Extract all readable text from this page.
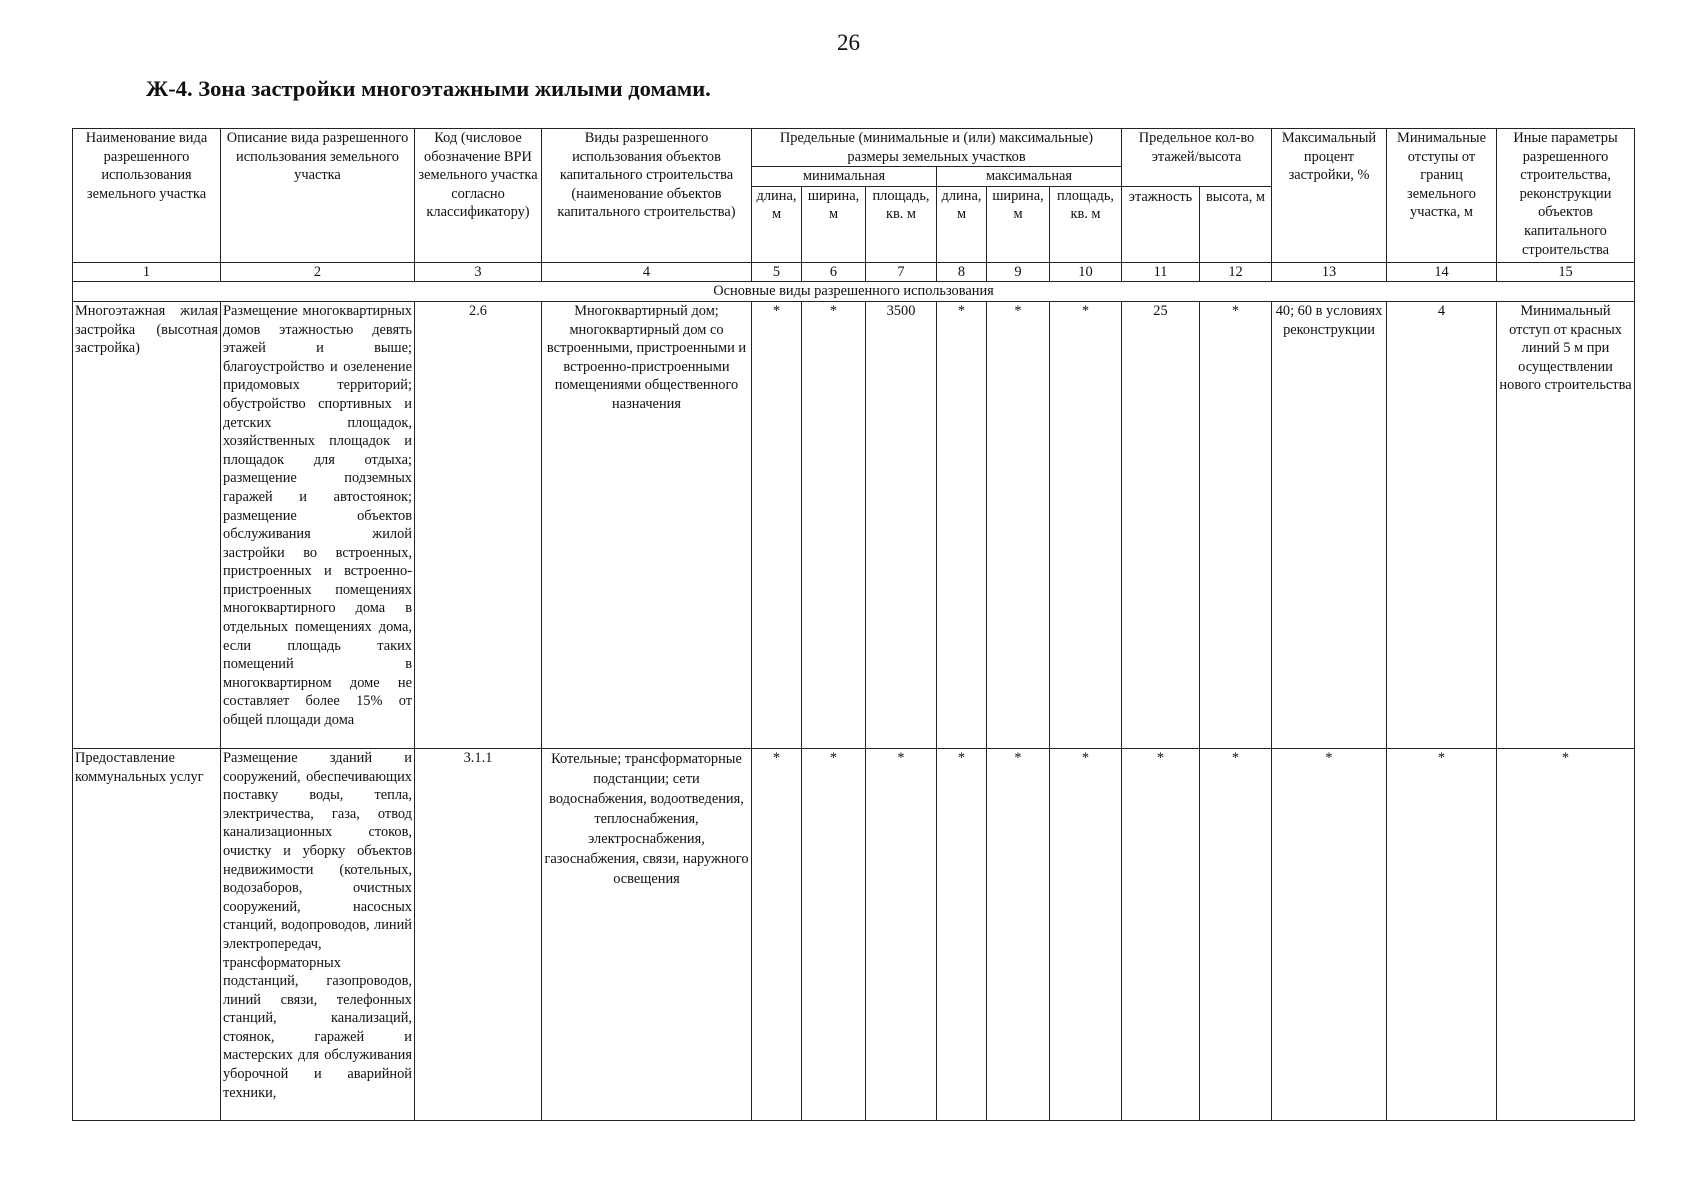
26
Ж-4. Зона застройки многоэтажными жилыми домами.
Наименование вида разрешенного использования земельного участка	Описание вида разрешенного использования земельного участка	Код (числовое обозначение ВРИ земельного участка согласно классификатору)	Виды разрешенного использования объектов капитального строительства (наименование объектов капитального строительства)	Предельные (минимальные и (или) максимальные) размеры земельных участков						Предельное кол-во этажей/высота		Максимальный процент застройки, %	Минимальные отступы от границ земельного участка, м	Иные параметры разрешенного строительства, реконструкции объектов капитального строительства

				минимальная			максимальная							
				длина, м	ширина, м	площадь, кв. м	длина, м	ширина, м	площадь, кв. м	этажность	высота, м			
1	2	3	4	5	6	7	8	9	10	11	12	13	14	15
Основные виды разрешенного использования														
Многоэтажная жилая застройка (высотная застройка)	Размещение многоквартирных домов этажностью девять этажей и выше; благоустройство и озеленение придомовых территорий; обустройство спортивных и детских площадок, хозяйственных площадок и площадок для отдыха; размещение подземных гаражей и автостоянок; размещение объектов обслуживания жилой застройки во встроенных, пристроенных и встроенно-пристроенных помещениях многоквартирного дома в отдельных помещениях дома, если площадь таких помещений в многоквартирном доме не составляет более 15% от общей площади дома	2.6	Многоквартирный дом; многоквартирный дом со встроенными, пристроенными и встроенно-пристроенными помещениями общественного назначения	*	*	3500	*	*	*	25	*	40; 60 в условиях реконструкции	4	Минимальный отступ от красных линий 5 м при осуществлении нового строительства
Предоставление коммунальных услуг	Размещение зданий и сооружений, обеспечивающих поставку воды, тепла, электричества, газа, отвод канализационных стоков, очистку и уборку объектов недвижимости (котельных, водозаборов, очистных сооружений, насосных станций, водопроводов, линий электропередач, трансформаторных подстанций, газопроводов, линий связи, телефонных станций, канализаций, стоянок, гаражей и мастерских для обслуживания уборочной и аварийной техники,	3.1.1	Котельные; трансформаторные подстанции; сети водоснабжения, водоотведения, теплоснабжения, электроснабжения, газоснабжения, связи, наружного освещения	*	*	*	*	*	*	*	*	*	*	*
